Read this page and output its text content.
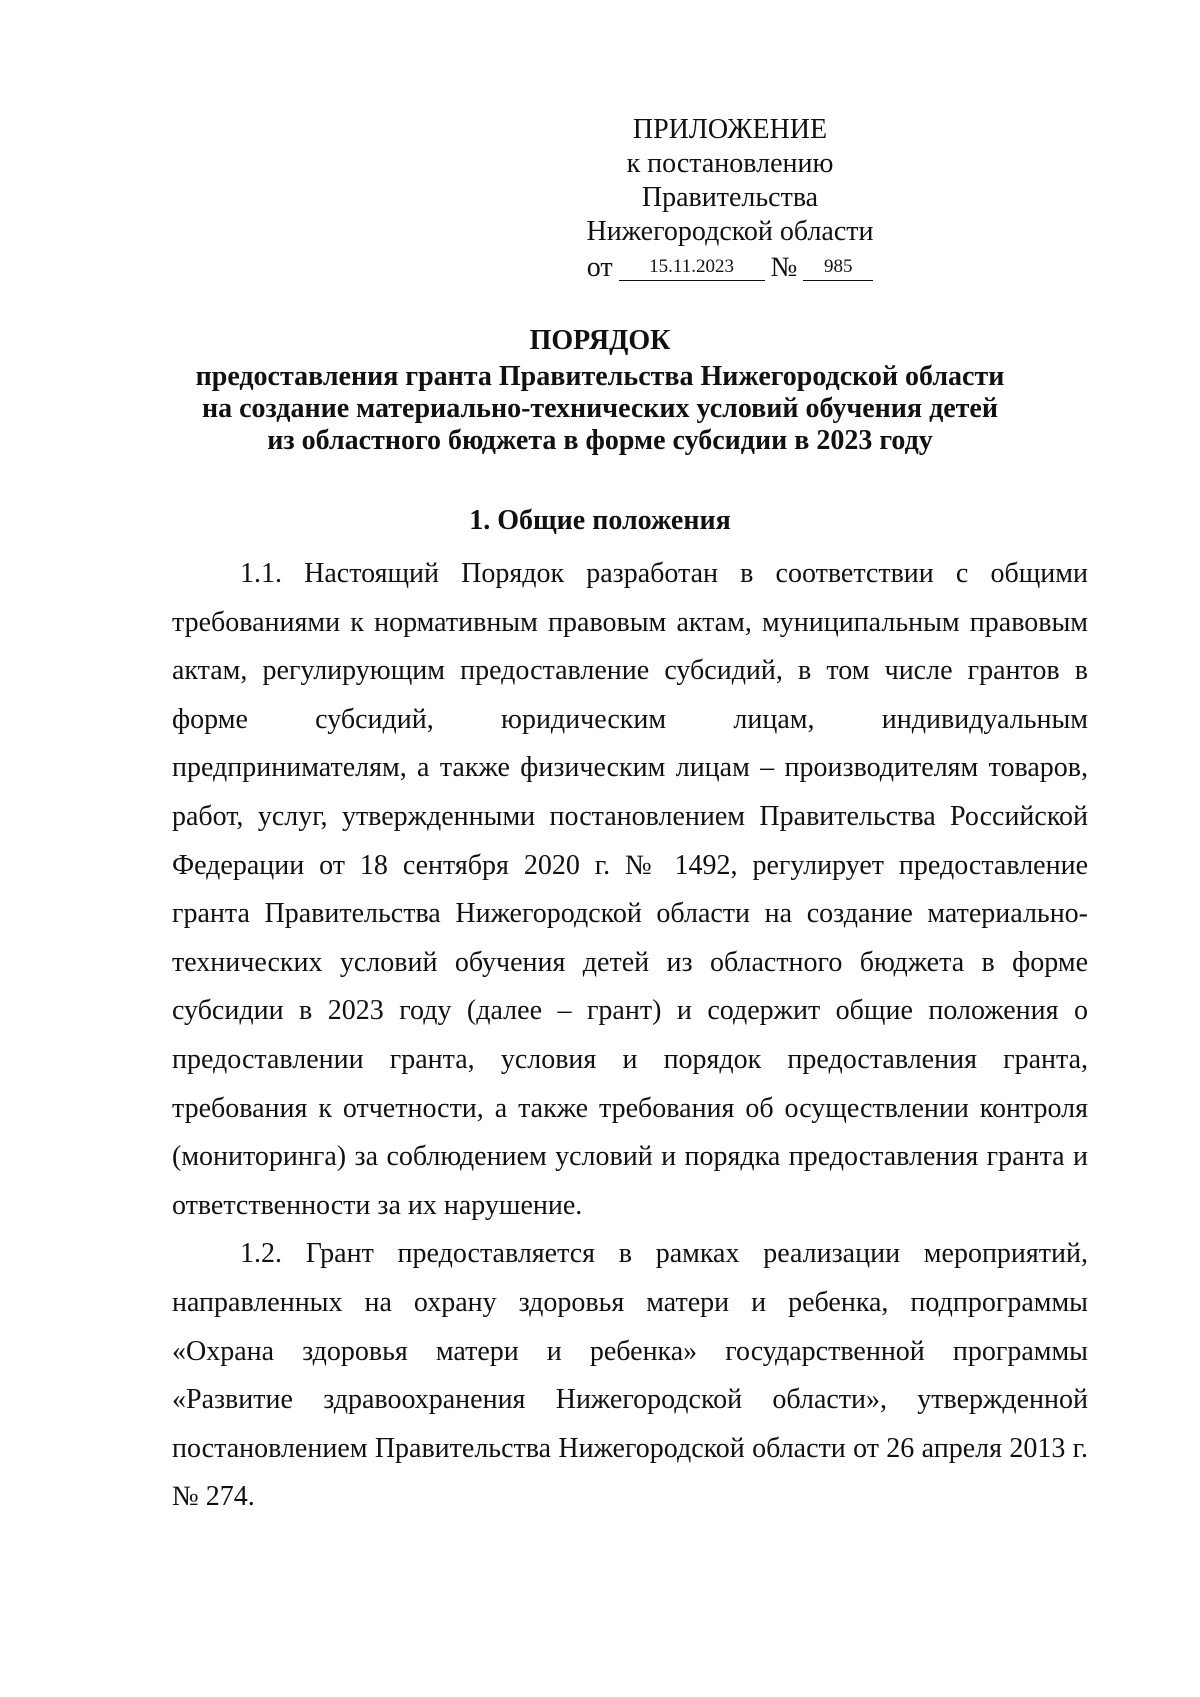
ПРИЛОЖЕНИЕ
к постановлению Правительства
Нижегородской области
от	15.11.2023	№	985
ПОРЯДОК
предоставления гранта Правительства Нижегородской области
на создание материально-технических условий обучения детей
из областного бюджета в форме субсидии в 2023 году
1. Общие положения

1.1. Настоящий Порядок разработан в соответствии с общими требованиями к нормативным правовым актам, муниципальным правовым актам, регулирующим предоставление субсидий, в том числе грантов в форме субсидий, юридическим лицам, индивидуальным предпринимателям, а также физическим лицам – производителям товаров, работ, услуг, утвержденными постановлением Правительства Российской Федерации от 18 сентября 2020 г. № 1492, регулирует предоставление гранта Правительства Нижегородской области на создание материально-технических условий обучения детей из областного бюджета в форме субсидии в 2023 году (далее – грант) и содержит общие положения о предоставлении гранта, условия и порядок предоставления гранта, требования к отчетности, а также требования об осуществлении контроля (мониторинга) за соблюдением условий и порядка предоставления гранта и ответственности за их нарушение.

1.2. Грант предоставляется в рамках реализации мероприятий, направленных на охрану здоровья матери и ребенка, подпрограммы «Охрана здоровья матери и ребенка» государственной программы «Развитие здравоохранения Нижегородской области», утвержденной постановлением Правительства Нижегородской области от 26 апреля 2013 г. № 274.
